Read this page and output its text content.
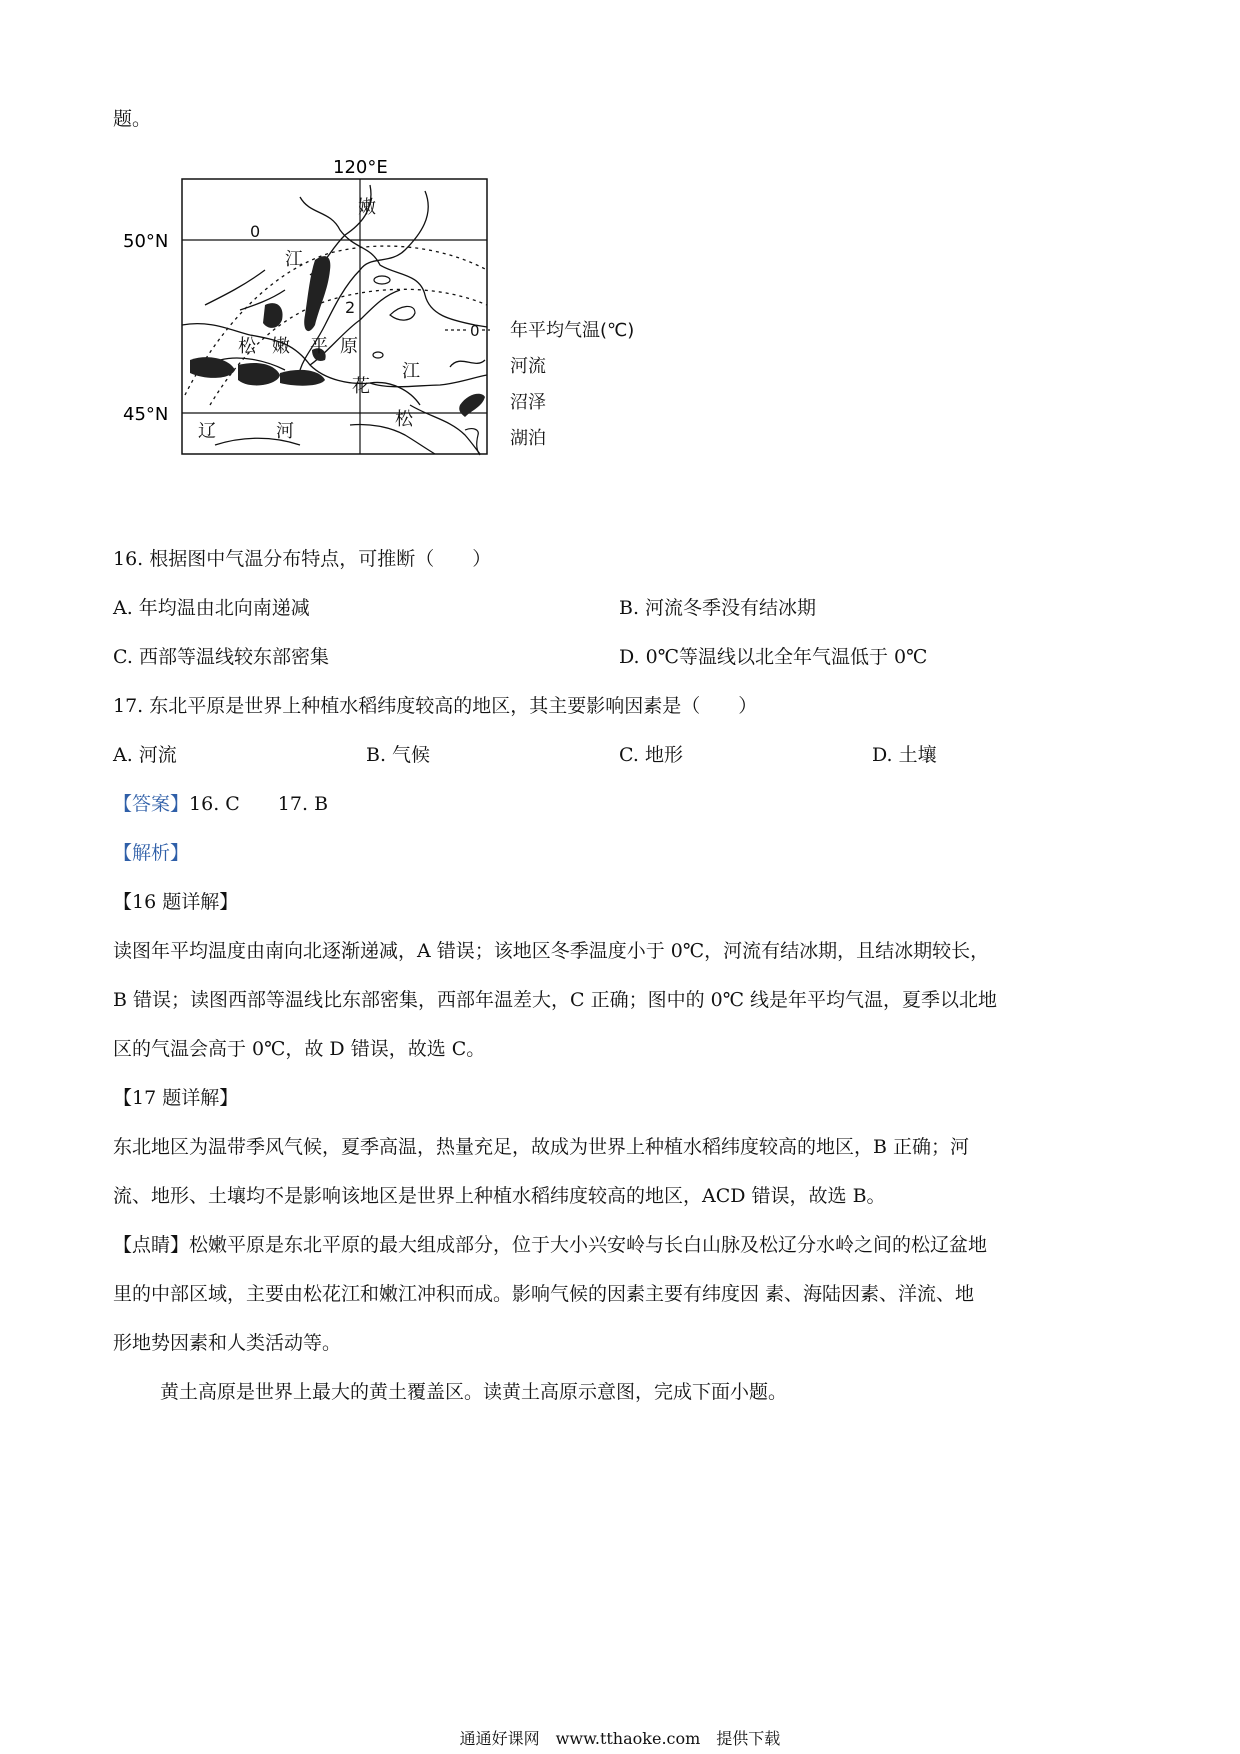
题。
120°E
50°N
45°N
嫩
江
松 嫩 平 原
江
花
松
辽	河
0
2
0 年平均气温(℃)
河流
沼泽
湖泊
16. 根据图中气温分布特点，可推断（　　）
A. 年均温由北向南递减	B. 河流冬季没有结冰期
C. 西部等温线较东部密集	D. 0℃等温线以北全年气温低于 0℃
17. 东北平原是世界上种植水稻纬度较高的地区，其主要影响因素是（　　）
A. 河流	B. 气候	C. 地形	D. 土壤
【答案】16. C　　17. B
【解析】
【16 题详解】
读图年平均温度由南向北逐渐递减，A 错误；该地区冬季温度小于 0℃，河流有结冰期，且结冰期较长，
B 错误；读图西部等温线比东部密集，西部年温差大，C 正确；图中的 0℃ 线是年平均气温，夏季以北地
区的气温会高于 0℃，故 D 错误，故选 C。
【17 题详解】
东北地区为温带季风气候，夏季高温，热量充足，故成为世界上种植水稻纬度较高的地区，B 正确；河
流、地形、土壤均不是影响该地区是世界上种植水稻纬度较高的地区，ACD 错误，故选 B。
【点睛】松嫩平原是东北平原的最大组成部分，位于大小兴安岭与长白山脉及松辽分水岭之间的松辽盆地
里的中部区域，主要由松花江和嫩江冲积而成。影响气候的因素主要有纬度因 素、海陆因素、洋流、地
形地势因素和人类活动等。
黄土高原是世界上最大的黄土覆盖区。读黄土高原示意图，完成下面小题。
通通好课网　www.tthaoke.com　提供下载
